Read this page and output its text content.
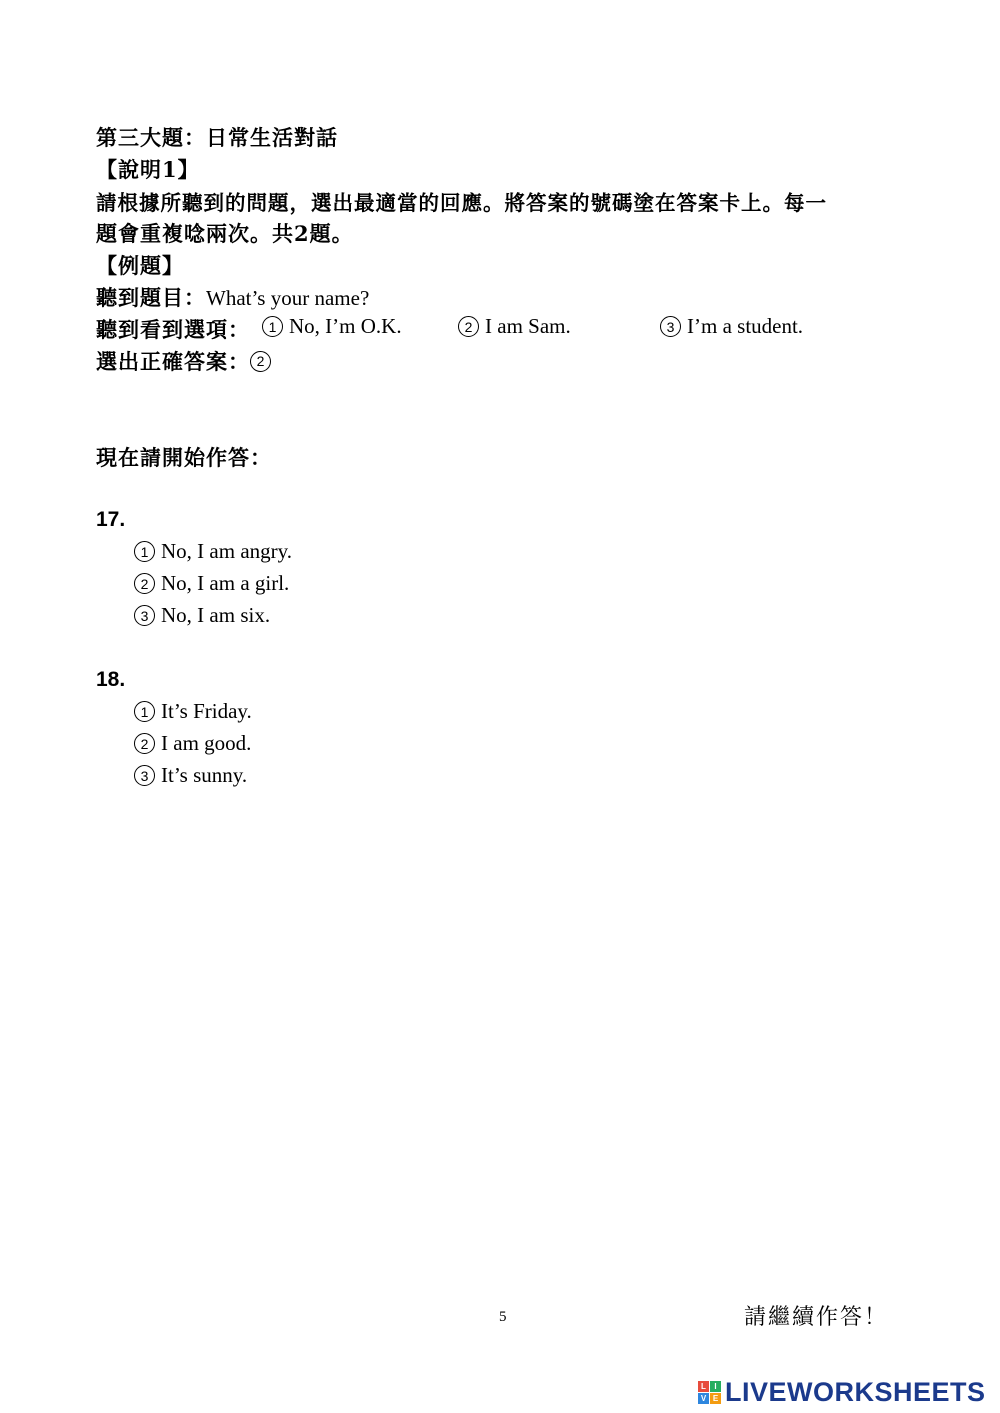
第三大題：日常生活對話
【說明1】
請根據所聽到的問題，選出最適當的回應。將答案的號碼塗在答案卡上。每一
題會重複唸兩次。共2題。
【例題】
聽到題目：What’s your name?
聽到看到選項：	1 No, I’m O.K.	2 I am Sam.	3 I’m a student.
選出正確答案： 2
現在請開始作答：
17.
1 No, I am angry.
2 No, I am a girl.
3 No, I am six.
18.
1 It’s Friday.
2 I am good.
3 It’s sunny.
5	請繼續作答！
L	I
V E LIVEWORKSHEETS
